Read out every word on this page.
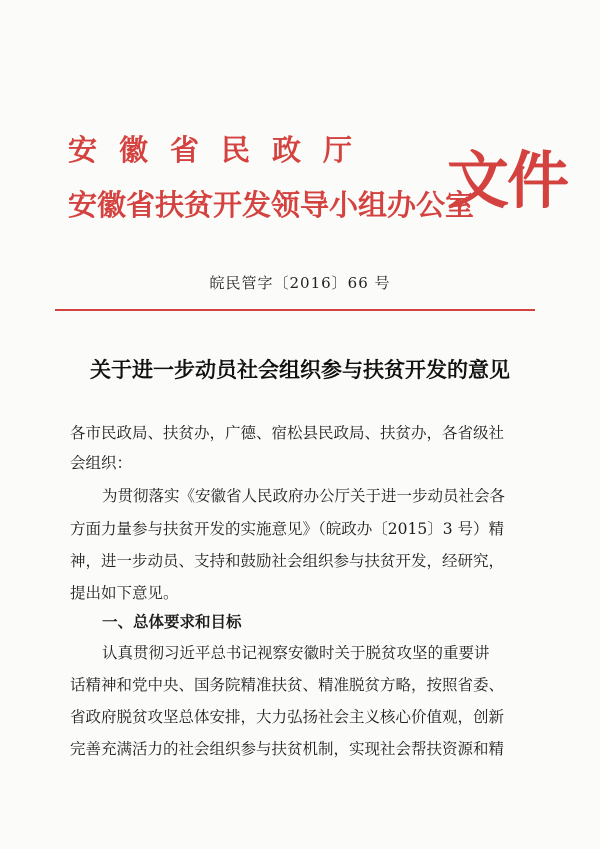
安徽省民政厅
安徽省扶贫开发领导小组办公室
文件
皖民管字〔2016〕66 号
关于进一步动员社会组织参与扶贫开发的意见
各市民政局、扶贫办，广德、宿松县民政局、扶贫办，各省级社
会组织：
为贯彻落实《安徽省人民政府办公厅关于进一步动员社会各
方面力量参与扶贫开发的实施意见》（皖政办〔2015〕3 号）精
神，进一步动员、支持和鼓励社会组织参与扶贫开发，经研究，
提出如下意见。
一、总体要求和目标
认真贯彻习近平总书记视察安徽时关于脱贫攻坚的重要讲
话精神和党中央、国务院精准扶贫、精准脱贫方略，按照省委、
省政府脱贫攻坚总体安排，大力弘扬社会主义核心价值观，创新
完善充满活力的社会组织参与扶贫机制，实现社会帮扶资源和精
